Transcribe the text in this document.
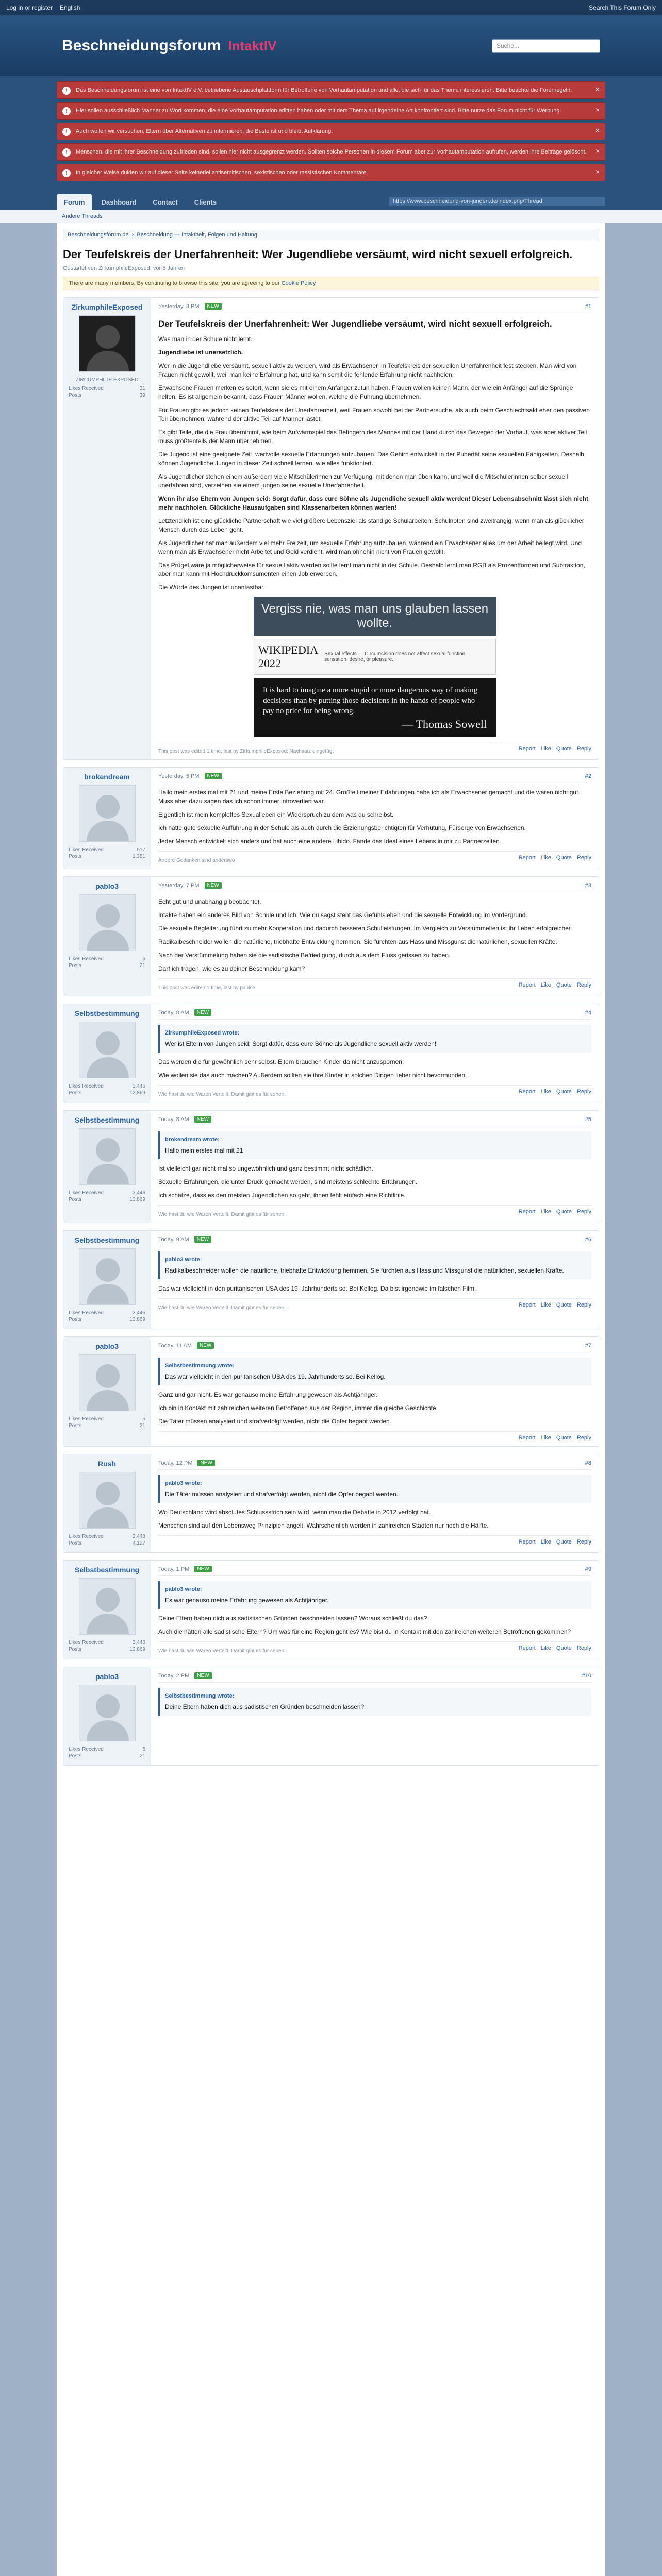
Log in or register English	Search This Forum Only
Beschneidungsforum IntaktIV	Suche...
!	Das Beschneidungsforum ist eine von IntaktIV e.V. betriebene Austauschplattform für Betroffene von Vorhautamputation und alle, die sich für das Thema interessieren. Bitte beachte die Forenregeln.	×
!	Hier sollen ausschließlich Männer zu Wort kommen, die eine Vorhautamputation erlitten haben oder mit dem Thema auf irgendeine Art konfrontiert sind. Bitte nutze das Forum nicht für Werbung.	×
!	Auch wollen wir versuchen, Eltern über Alternativen zu informieren, die Beste ist und bleibt Aufklärung.	×
!	Menschen, die mit ihrer Beschneidung zufrieden sind, sollen hier nicht ausgegrenzt werden. Sollten solche Personen in diesem Forum aber zur Vorhautamputation aufrufen, werden ihre Beiträge gelöscht. ×
!	In gleicher Weise dulden wir auf dieser Seite keinerlei antisemitischen, sexistischen oder rassistischen Kommentare.	×
Forum	Dashboard	Contact	Clients	https://www.beschneidung-von-jungen.de/index.php/Thread
Andere Threads
Beschneidungsforum.de › Beschneidung — Intaktheit, Folgen und Haltung
Der Teufelskreis der Unerfahrenheit: Wer Jugendliebe versäumt, wird nicht sexuell erfolgreich.
Gestartet von ZirkumphileExposed, vor 5 Jahren
There are many members. By continuing to browse this site, you are agreeing to our Cookie Policy
ZirkumphileExposed
ZIRCUMPHILIE EXPOSED
Likes Received	31
Posts	39
Yesterday, 3 PM	NEW	#1
Der Teufelskreis der Unerfahrenheit: Wer Jugendliebe versäumt, wird nicht sexuell erfolgreich.

Was man in der Schule nicht lernt.

Jugendliebe ist unersetzlich.

Wer in die Jugendliebe versäumt, sexuell aktiv zu werden, wird als Erwachsener im Teufelskreis der sexuellen Unerfahrenheit fest stecken. Man wird von Frauen nicht gewollt, weil man keine Erfahrung hat, und kann somit die fehlende Erfahrung nicht nachholen.

Erwachsene Frauen merken es sofort, wenn sie es mit einem Anfänger zutun haben. Frauen wollen keinen Mann, der wie ein Anfänger auf die Sprünge helfen. Es ist allgemein bekannt, dass Frauen Männer wollen, welche die Führung übernehmen.

Für Frauen gibt es jedoch keinen Teufelskreis der Unerfahrenheit, weil Frauen sowohl bei der Partnersuche, als auch beim Geschlechtsakt eher den passiven Teil übernehmen, während der aktive Teil auf Männer lastet.

Es gibt Teile, die die Frau übernimmt, wie beim Aufwärmspiel das Befingern des Mannes mit der Hand durch das Bewegen der Vorhaut, was aber aktiver Teil muss größtenteils der Mann übernehmen.

Die Jugend ist eine geeignete Zeit, wertvolle sexuelle Erfahrungen aufzubauen. Das Gehirn entwickelt in der Pubertät seine sexuellen Fähigkeiten. Deshalb können Jugendliche Jungen in dieser Zeit schnell lernen, wie alles funktioniert.

Als Jugendlicher stehen einem außerdem viele Mitschülerinnen zur Verfügung, mit denen man üben kann, und weil die Mitschülerinnen selber sexuell unerfahren sind, verzeihen sie einem jungen seine sexuelle Unerfahrenheit.

Wenn ihr also Eltern von Jungen seid: Sorgt dafür, dass eure Söhne als Jugendliche sexuell aktiv werden! Dieser Lebensabschnitt lässt sich nicht mehr nachholen. Glückliche Hausaufgaben sind Klassenarbeiten können warten!

Letztendlich ist eine glückliche Partnerschaft wie viel größere Lebensziel als ständige Schularbeiten. Schulnoten sind zweitrangig, wenn man als glücklicher Mensch durch das Leben geht.

Als Jugendlicher hat man außerdem viel mehr Freizeit, um sexuelle Erfahrung aufzubauen, während ein Erwachsener alles um der Arbeit beilegt wird. Und wenn man als Erwachsener nicht Arbeitet und Geld verdient, wird man ohnehin nicht von Frauen gewollt.

Das Prügel wäre ja möglicherweise für sexuell aktiv werden sollte lernt man nicht in der Schule. Deshalb lernt man RGB als Prozentformen und Subtraktion, aber man kann mit Hochdruckkomsumenten einen Job erwerben.

Die Würde des Jungen ist unantastbar.

Vergiss nie, was man uns glauben lassen wollte.
WIKIPEDIA
2022
Sexual effects — Circumcision does not affect sexual function, sensation, desire, or pleasure.
It is hard to imagine a more stupid or more dangerous way of making decisions than by putting those decisions in the hands of people who pay no price for being wrong.
— Thomas Sowell
This post was edited 1 time, last by ZirkumphileExposed: Nachsatz eingefügt	Report Like Quote Reply
brokendream
Likes Received	517
Posts	1,381
Yesterday, 5 PM	NEW	#2

Hallo mein erstes mal mit 21 und meine Erste Beziehung mit 24. Großteil meiner Erfahrungen habe ich als Erwachsener gemacht und die waren nicht gut. Muss aber dazu sagen das ich schon immer introvertiert war.

Eigentlich ist mein komplettes Sexualleben ein Widerspruch zu dem was du schreibst.

Ich hatte gute sexuelle Aufführung in der Schule als auch durch die Erziehungsberichtigten für Verhütung, Fürsorge von Erwachsenen.

Jeder Mensch entwickelt sich anders und hat auch eine andere Libido. Fände das Ideal eines Lebens in mir zu Partnerzeiten.

Andere Gedanken sind anderswo	Report Like Quote Reply
pablo3
Likes Received	5
Posts	21
Yesterday, 7 PM	NEW	#3

Echt gut und unabhängig beobachtet.

Intakte haben ein anderes Bild von Schule und Ich. Wie du sagst steht das Gefühlsleben und die sexuelle Entwicklung im Vordergrund.

Die sexuelle Begleiterung führt zu mehr Kooperation und dadurch besseren Schulleistungen. Im Vergleich zu Verstümmelten ist ihr Leben erfolgreicher.

Radikalbeschneider wollen die natürliche, triebhafte Entwicklung hemmen. Sie fürchten aus Hass und Missgunst die natürlichen, sexuellen Kräfte.

Nach der Verstümmelung haben sie die sadistische Befriedigung, durch aus dem Fluss gerissen zu haben.

Darf ich fragen, wie es zu deiner Beschneidung kam?

This post was edited 1 time, last by pablo3	Report Like Quote Reply
Selbstbestimmung
Likes Received	3,446
Posts	13,869
Today, 8 AM	NEW	#4
ZirkumphileExposed wrote:
Wer ist Eltern von Jungen seid: Sorgt dafür, dass eure Söhne als Jugendliche sexuell aktiv werden!

Das werden die für gewöhnlich sehr selbst. Eltern brauchen Kinder da nicht anzuspornen.

Wie wollen sie das auch machen? Außerdem sollten sie ihre Kinder in solchen Dingen lieber nicht bevormunden.

Wie hast du wie Waren Verteilt. Damit gibt es für sehen.	Report Like Quote Reply
Selbstbestimmung
Likes Received	3,446
Posts	13,869
Today, 8 AM	NEW	#5
brokendream wrote:
Hallo mein erstes mal mit 21

Ist vielleicht gar nicht mal so ungewöhnlich und ganz bestimmt nicht schädlich.

Sexuelle Erfahrungen, die unter Druck gemacht werden, sind meistens schlechte Erfahrungen.

Ich schätze, dass es den meisten Jugendlichen so geht, ihnen fehlt einfach eine Richtlinie.

Wie hast du wie Waren Verteilt. Damit gibt es für sehen.	Report Like Quote Reply
Selbstbestimmung
Likes Received	3,446
Posts	13,869
Today, 9 AM	NEW	#6
pablo3 wrote:
Radikalbeschneider wollen die natürliche, triebhafte Entwicklung hemmen. Sie fürchten aus Hass und Missgunst die natürlichen, sexuellen Kräfte.

Das war vielleicht in den puritanischen USA des 19. Jahrhunderts so. Bei Kellog. Da bist irgendwie im falschen Film.

Wie hast du wie Waren Verteilt. Damit gibt es für sehen.	Report Like Quote Reply
pablo3
Likes Received	5
Posts	21
Today, 11 AM	NEW	#7
Selbstbestimmung wrote:
Das war vielleicht in den puritanischen USA des 19. Jahrhunderts so. Bei Kellog.

Ganz und gar nicht. Es war genauso meine Erfahrung gewesen als Achtjähriger.

Ich bin in Kontakt mit zahlreichen weiteren Betroffenen aus der Region, immer die gleiche Geschichte.

Die Täter müssen analysiert und strafverfolgt werden, nicht die Opfer begabt werden.

Report Like Quote Reply
Rush
Likes Received	2,448
Posts	4,127
Today, 12 PM	NEW	#8
pablo3 wrote:
Die Täter müssen analysiert und strafverfolgt werden, nicht die Opfer begabt werden.

Wo Deutschland wird absolutes Schlussstrich sein wird, wenn man die Debatte in 2012 verfolgt hat.

Menschen sind auf den Lebensweg Prinzipien angelt. Wahrscheinlich werden in zahlreichen Städten nur noch die Hälfte.

Report Like Quote Reply
Selbstbestimmung
Likes Received	3,446
Posts	13,869
Today, 1 PM	NEW	#9
pablo3 wrote:
Es war genauso meine Erfahrung gewesen als Achtjähriger.

Deine Eltern haben dich aus sadistischen Gründen beschneiden lassen? Woraus schließt du das?

Auch die hätten alle sadistische Eltern? Um was für eine Region geht es? Wie bist du in Kontakt mit den zahlreichen weiteren Betroffenen gekommen?

Wie hast du wie Waren Verteilt. Damit gibt es für sehen.	Report Like Quote Reply
pablo3
Likes Received	5
Posts	21
Today, 2 PM	NEW	#10
Selbstbestimmung wrote:
Deine Eltern haben dich aus sadistischen Gründen beschneiden lassen?
